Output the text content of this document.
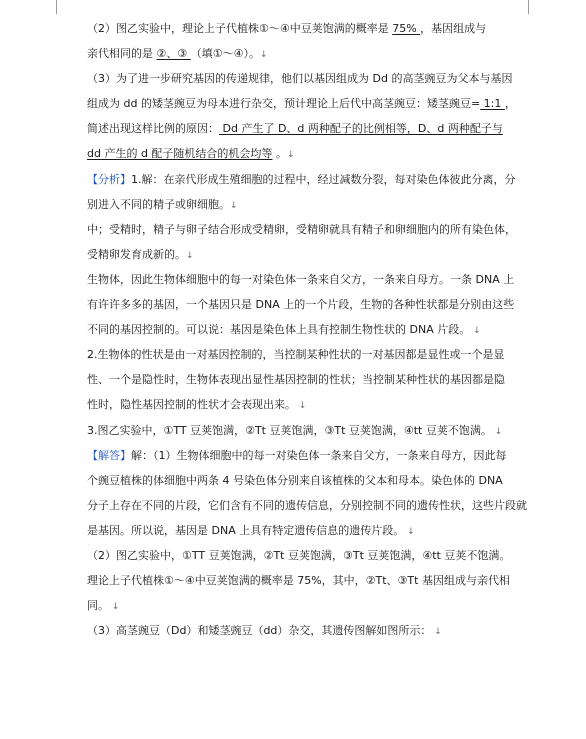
（2）图乙实验中，理论上子代植株①～④中豆荚饱满的概率是 75% ，基因组成与
亲代相同的是 ②、③ （填①～④）。↓
（3）为了进一步研究基因的传递规律，他们以基因组成为 Dd 的高茎豌豆为父本与基因
组成为 dd 的矮茎豌豆为母本进行杂交，预计理论上后代中高茎豌豆：矮茎豌豆= 1:1 ，
简述出现这样比例的原因： Dd 产生了 D、d 两种配子的比例相等，D、d 两种配子与
dd 产生的 d 配子随机结合的机会均等 。↓
【分析】1.解：在亲代形成生殖细胞的过程中，经过减数分裂，每对染色体彼此分离，分
别进入不同的精子或卵细胞。↓
中；受精时，精子与卵子结合形成受精卵，受精卵就具有精子和卵细胞内的所有染色体，
受精卵发育成新的。↓
生物体，因此生物体细胞中的每一对染色体一条来自父方，一条来自母方。一条 DNA 上
有许许多多的基因，一个基因只是 DNA 上的一个片段，生物的各种性状都是分别由这些
不同的基因控制的。可以说：基因是染色体上具有控制生物性状的 DNA 片段。 ↓
2.生物体的性状是由一对基因控制的，当控制某种性状的一对基因都是显性或一个是显
性、一个是隐性时，生物体表现出显性基因控制的性状；当控制某种性状的基因都是隐
性时，隐性基因控制的性状才会表现出来。 ↓
3.图乙实验中，①TT 豆荚饱满，②Tt 豆荚饱满，③Tt 豆荚饱满，④tt 豆荚不饱满。 ↓
【解答】解：（1）生物体细胞中的每一对染色体一条来自父方，一条来自母方，因此每
个豌豆植株的体细胞中两条 4 号染色体分别来自该植株的父本和母本。染色体的 DNA
分子上存在不同的片段，它们含有不同的遗传信息，分别控制不同的遗传性状，这些片段就
是基因。所以说，基因是 DNA 上具有特定遗传信息的遗传片段。 ↓
（2）图乙实验中，①TT 豆荚饱满，②Tt 豆荚饱满，③Tt 豆荚饱满，④tt 豆荚不饱满。
理论上子代植株①～④中豆荚饱满的概率是 75%，其中，②Tt、③Tt 基因组成与亲代相
同。 ↓
（3）高茎豌豆（Dd）和矮茎豌豆（dd）杂交，其遗传图解如图所示： ↓
